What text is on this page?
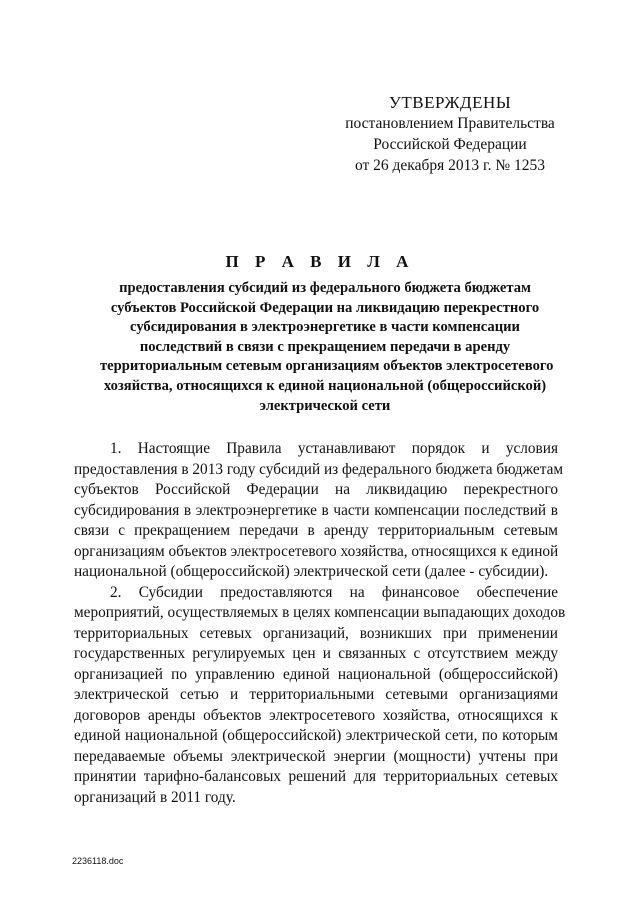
УТВЕРЖДЕНЫ
постановлением Правительства
Российской Федерации
от 26 декабря 2013 г. № 1253
П Р А В И Л А
предоставления субсидий из федерального бюджета бюджетам
субъектов Российской Федерации на ликвидацию перекрестного
субсидирования в электроэнергетике в части компенсации
последствий в связи с прекращением передачи в аренду
территориальным сетевым организациям объектов электросетевого
хозяйства, относящихся к единой национальной (общероссийской)
электрической сети
1. Настоящие Правила устанавливают порядок и условия
предоставления в 2013 году субсидий из федерального бюджета бюджетам
субъектов Российской Федерации на ликвидацию перекрестного
субсидирования в электроэнергетике в части компенсации последствий в
связи с прекращением передачи в аренду территориальным сетевым
организациям объектов электросетевого хозяйства, относящихся к единой
национальной (общероссийской) электрической сети (далее - субсидии).
2. Субсидии предоставляются на финансовое обеспечение
мероприятий, осуществляемых в целях компенсации выпадающих доходов
территориальных сетевых организаций, возникших при применении
государственных регулируемых цен и связанных с отсутствием между
организацией по управлению единой национальной (общероссийской)
электрической сетью и территориальными сетевыми организациями
договоров аренды объектов электросетевого хозяйства, относящихся к
единой национальной (общероссийской) электрической сети, по которым
передаваемые объемы электрической энергии (мощности) учтены при
принятии тарифно-балансовых решений для территориальных сетевых
организаций в 2011 году.
2236118.doc
